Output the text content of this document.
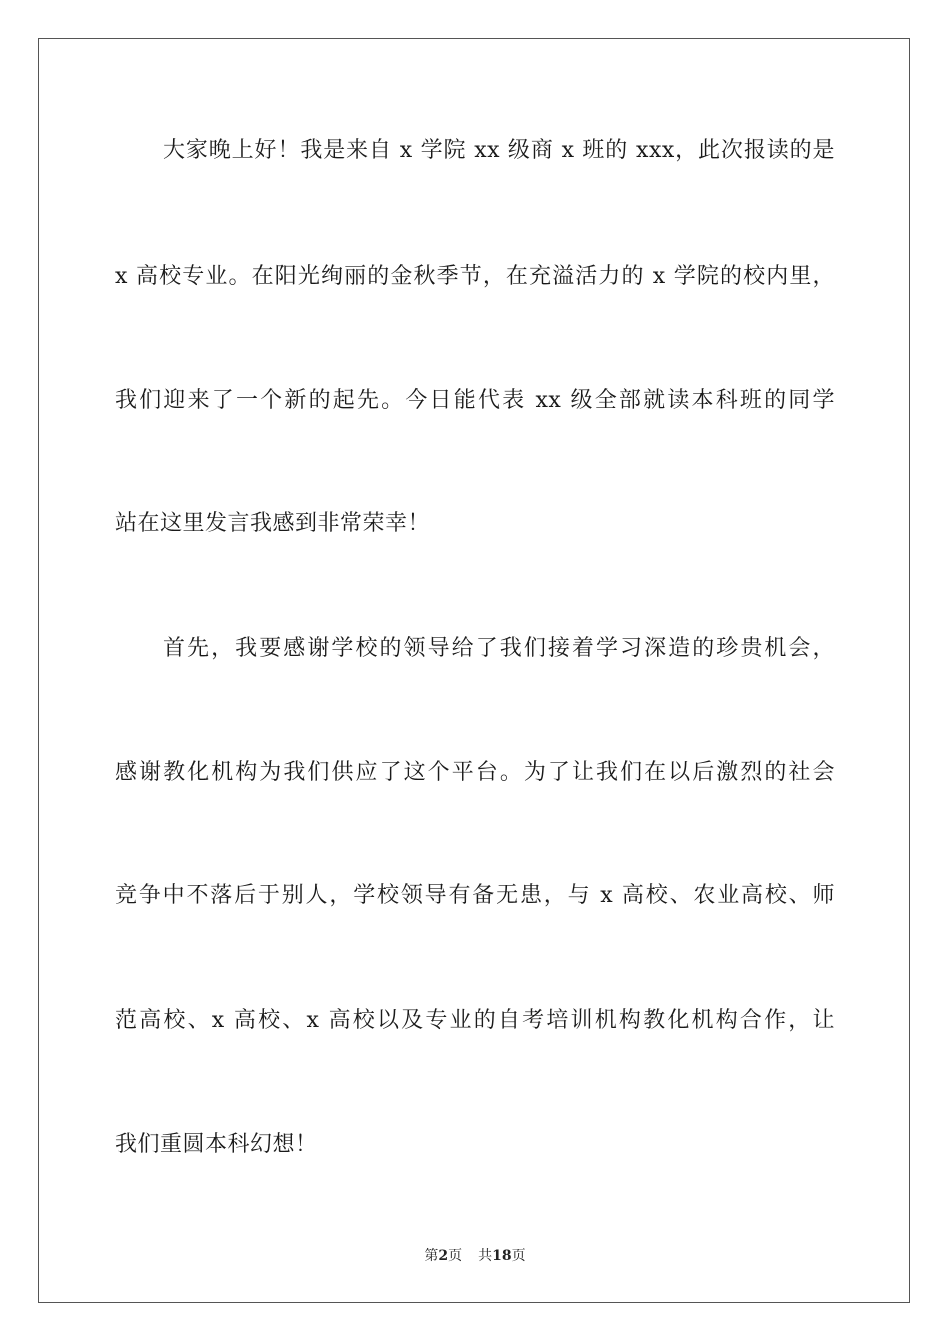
大家晚上好！我是来自 x 学院 xx 级商 x 班的 xxx，此次报读的是
x 高校专业。在阳光绚丽的金秋季节，在充溢活力的 x 学院的校内里，
我们迎来了一个新的起先。今日能代表 xx 级全部就读本科班的同学
站在这里发言我感到非常荣幸！
首先，我要感谢学校的领导给了我们接着学习深造的珍贵机会，
感谢教化机构为我们供应了这个平台。为了让我们在以后激烈的社会
竞争中不落后于别人，学校领导有备无患，与 x 高校、农业高校、师
范高校、x 高校、x 高校以及专业的自考培训机构教化机构合作，让
我们重圆本科幻想！
第2页 共18页
